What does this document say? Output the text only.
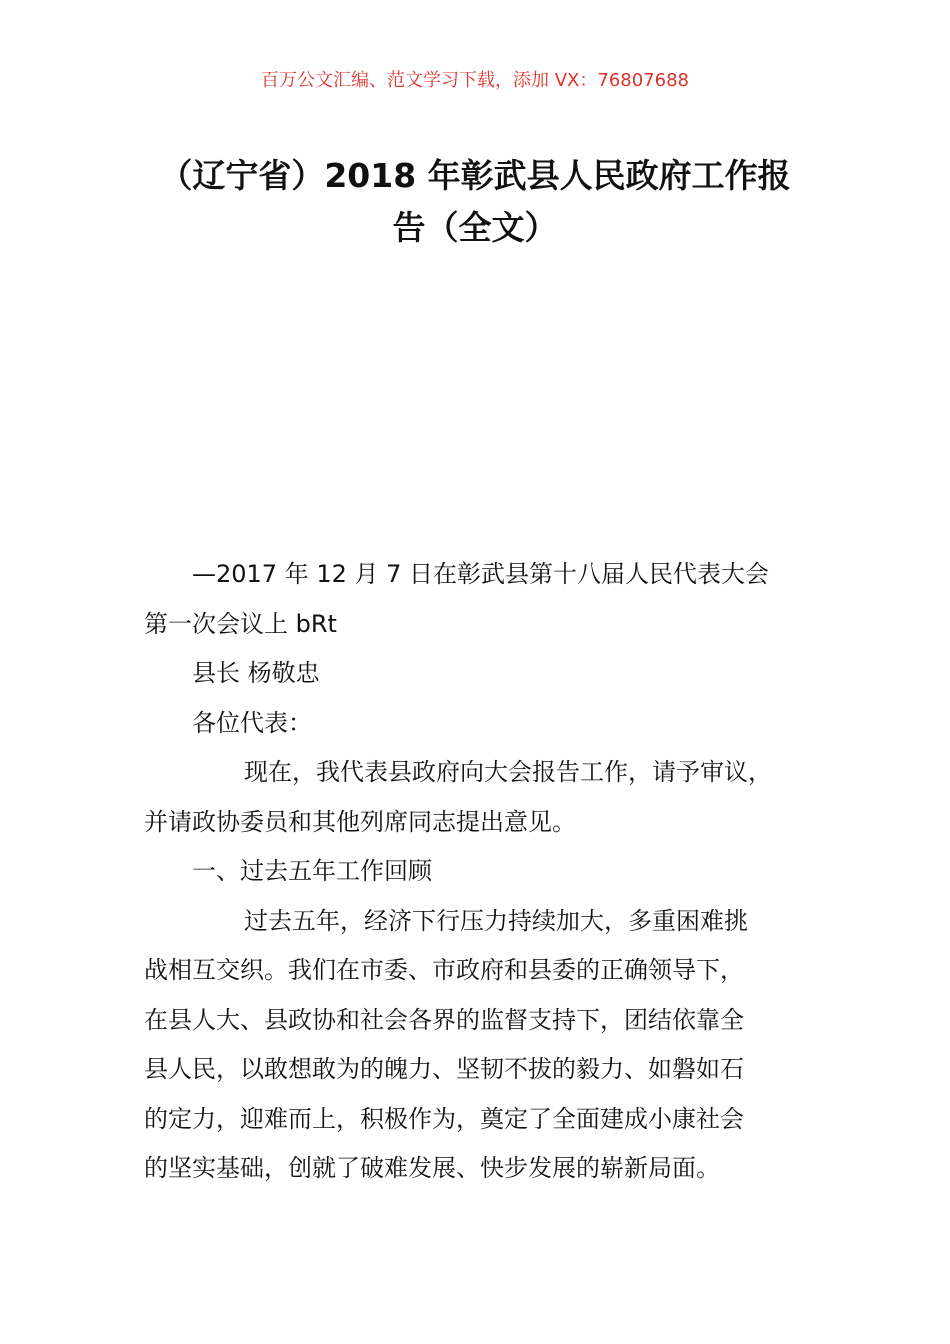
百万公文汇编、范文学习下载，添加 VX：76807688
（辽宁省）2018 年彰武县人民政府工作报
告（全文）

—2017 年 12 月 7 日在彰武县第十八届人民代表大会

第一次会议上 bRt

县长 杨敬忠

各位代表：

现在，我代表县政府向大会报告工作，请予审议，

并请政协委员和其他列席同志提出意见。

一、过去五年工作回顾

过去五年，经济下行压力持续加大，多重困难挑

战相互交织。我们在市委、市政府和县委的正确领导下，

在县人大、县政协和社会各界的监督支持下，团结依靠全

县人民，以敢想敢为的魄力、坚韧不拔的毅力、如磐如石

的定力，迎难而上，积极作为，奠定了全面建成小康社会

的坚实基础，创就了破难发展、快步发展的崭新局面。
